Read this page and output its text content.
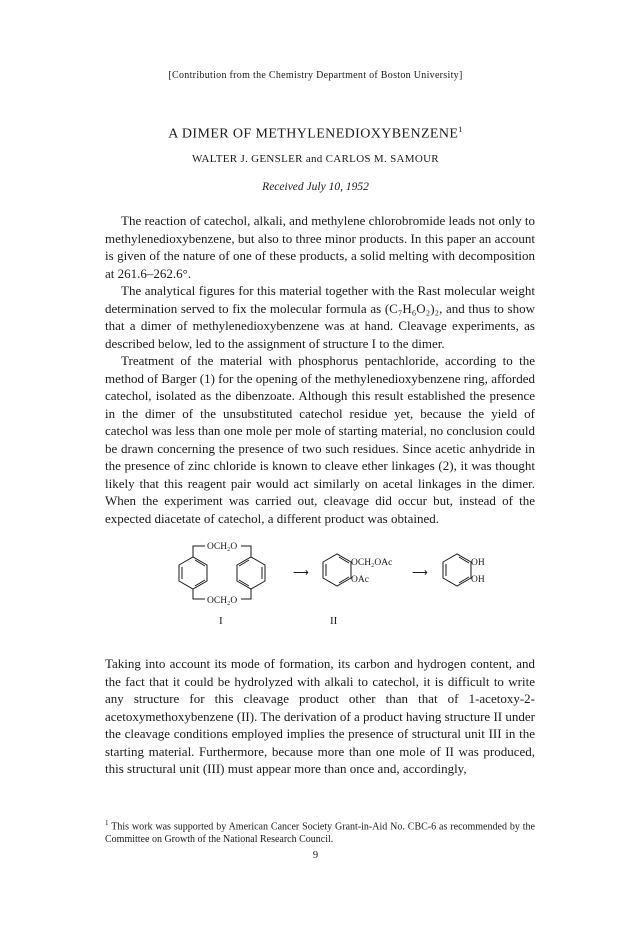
[Contribution from the Chemistry Department of Boston University]
A DIMER OF METHYLENEDIOXYBENZENE$^1$
WALTER J. GENSLER and CARLOS M. SAMOUR
Received July 10, 1952

The reaction of catechol, alkali, and methylene chlorobromide leads not only to methylenedioxybenzene, but also to three minor products. In this paper an account is given of the nature of one of these products, a solid melting with decomposition at 261.6–262.6°.

The analytical figures for this material together with the Rast molecular weight determination served to fix the molecular formula as (C₇H₆O₂)₂, and thus to show that a dimer of methylenedioxybenzene was at hand. Cleavage experiments, as described below, led to the assignment of structure I to the dimer.

Treatment of the material with phosphorus pentachloride, according to the method of Barger (1) for the opening of the methylenedioxybenzene ring, afforded catechol, isolated as the dibenzoate. Although this result established the presence in the dimer of the unsubstituted catechol residue yet, because the yield of catechol was less than one mole per mole of starting material, no conclusion could be drawn concerning the presence of two such residues. Since acetic anhydride in the presence of zinc chloride is known to cleave ether linkages (2), it was thought likely that this reagent pair would act similarly on acetal linkages in the dimer. When the experiment was carried out, cleavage did occur but, instead of the expected diacetate of catechol, a different product was obtained.

OCH₂O
OCH₂O
I
⟶
OCH₂OAc
OAc
II
⟶
OH
OH

Taking into account its mode of formation, its carbon and hydrogen content, and the fact that it could be hydrolyzed with alkali to catechol, it is difficult to write any structure for this cleavage product other than that of 1-acetoxy-2-acetoxymethoxybenzene (II). The derivation of a product having structure II under the cleavage conditions employed implies the presence of structural unit III in the starting material. Furthermore, because more than one mole of II was produced, this structural unit (III) must appear more than once and, accordingly,

$^1$ This work was supported by American Cancer Society Grant-in-Aid No. CBC-6 as recommended by the Committee on Growth of the National Research Council.
9
